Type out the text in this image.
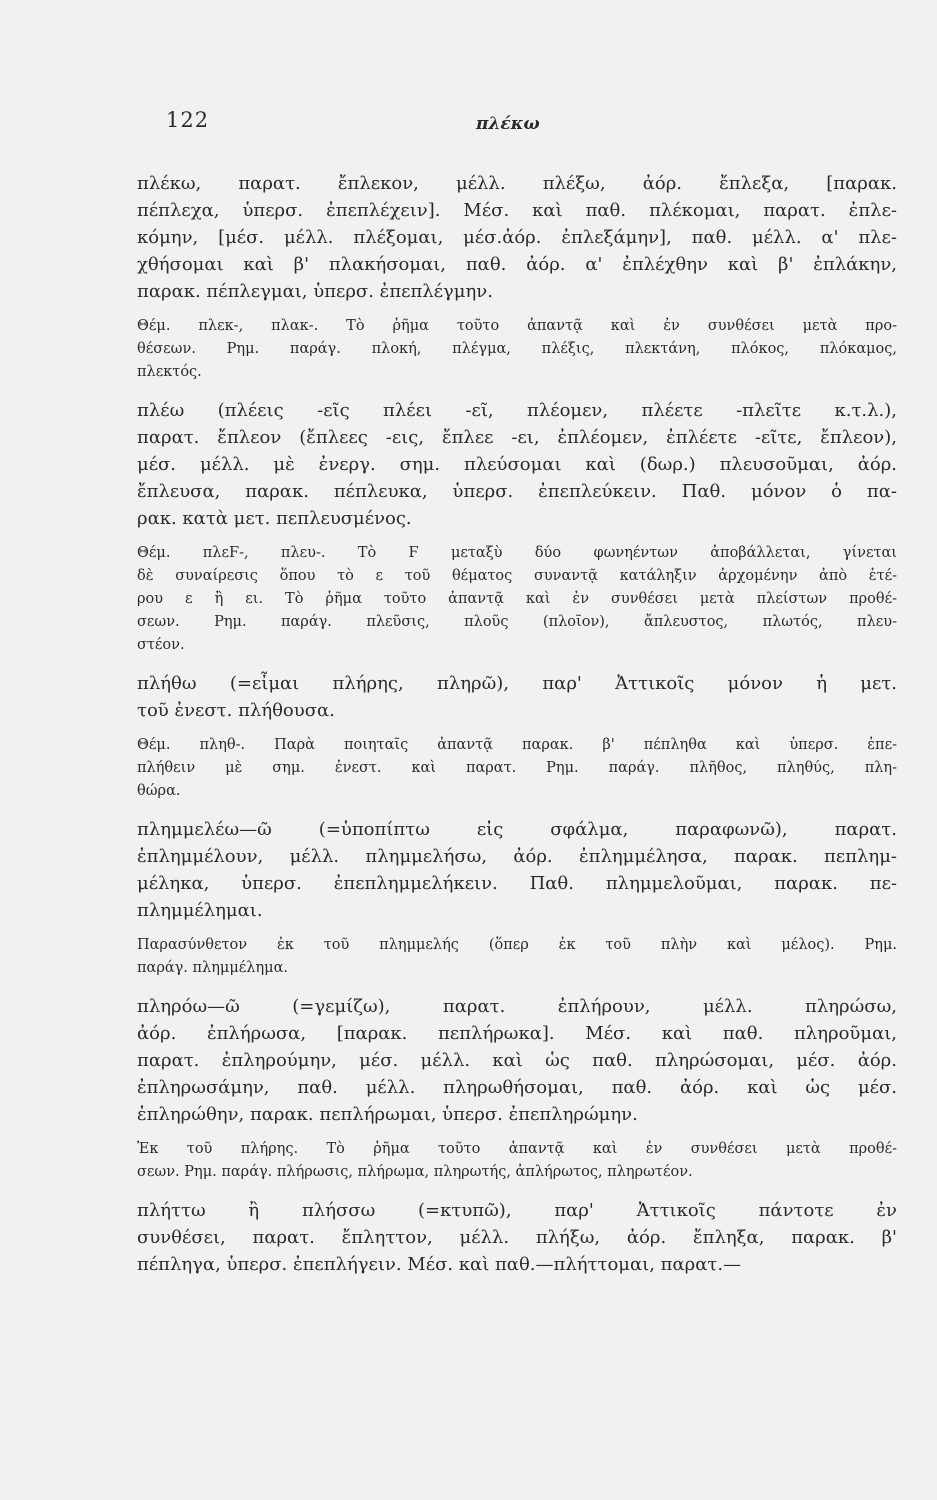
122	πλέκω
πλέκω, παρατ. ἔπλεκον, μέλλ. πλέξω, ἀόρ. ἔπλεξα, [παρακ.
πέπλεχα, ὑπερσ. ἐπεπλέχειν]. Μέσ. καὶ παθ. πλέκομαι, παρατ. ἐπλε-
κόμην, [μέσ. μέλλ. πλέξομαι, μέσ.ἀόρ. ἐπλεξάμην], παθ. μέλλ. α' πλε-
χθήσομαι καὶ β' πλακήσομαι, παθ. ἀόρ. α' ἐπλέχθην καὶ β' ἐπλάκην,
παρακ. πέπλεγμαι, ὑπερσ. ἐπεπλέγμην.
Θέμ. πλεκ-, πλακ-. Τὸ ῥῆμα τοῦτο ἀπαντᾷ καὶ ἐν συνθέσει μετὰ προ-
θέσεων. Ρημ. παράγ. πλοκή, πλέγμα, πλέξις, πλεκτάνη, πλόκος, πλόκαμος,
πλεκτός.
πλέω (πλέεις -εῖς πλέει -εῖ, πλέομεν, πλέετε -πλεῖτε κ.τ.λ.),
παρατ. ἔπλεον (ἔπλεες -εις, ἔπλεε -ει, ἐπλέομεν, ἐπλέετε -εῖτε, ἔπλεον),
μέσ. μέλλ. μὲ ἐνεργ. σημ. πλεύσομαι καὶ (δωρ.) πλευσοῦμαι, ἀόρ.
ἔπλευσα, παρακ. πέπλευκα, ὑπερσ. ἐπεπλεύκειν. Παθ. μόνον ὁ πα-
ρακ. κατὰ μετ. πεπλευσμένος.
Θέμ. πλεϜ-, πλευ-. Τὸ Ϝ μεταξὺ δύο φωνηέντων ἀποβάλλεται, γίνεται
δὲ συναίρεσις ὅπου τὸ ε τοῦ θέματος συναντᾷ κατάληξιν ἀρχομένην ἀπὸ ἑτέ-
ρου ε ἢ ει. Τὸ ῥῆμα τοῦτο ἀπαντᾷ καὶ ἐν συνθέσει μετὰ πλείστων προθέ-
σεων. Ρημ. παράγ. πλεῦσις, πλοῦς (πλοῖον), ἄπλευστος, πλωτός, πλευ-
στέον.
πλήθω (=εἶμαι πλήρης, πληρῶ), παρ' Ἀττικοῖς μόνον ἡ μετ.
τοῦ ἐνεστ. πλήθουσα.
Θέμ. πληθ-. Παρὰ ποιηταῖς ἀπαντᾷ παρακ. β' πέπληθα καὶ ὑπερσ. ἐπε-
πλήθειν μὲ σημ. ἐνεστ. καὶ παρατ. Ρημ. παράγ. πλῆθος, πληθύς, πλη-
θώρα.
πλημμελέω—ῶ (=ὑποπίπτω εἰς σφάλμα, παραφωνῶ), παρατ.
ἐπλημμέλουν, μέλλ. πλημμελήσω, ἀόρ. ἐπλημμέλησα, παρακ. πεπλημ-
μέληκα, ὑπερσ. ἐπεπλημμελήκειν. Παθ. πλημμελοῦμαι, παρακ. πε-
πλημμέλημαι.
Παρασύνθετον ἐκ τοῦ πλημμελής (ὅπερ ἐκ τοῦ πλὴν καὶ μέλος). Ρημ.
παράγ. πλημμέλημα.
πληρόω—ῶ (=γεμίζω), παρατ. ἐπλήρουν, μέλλ. πληρώσω,
ἀόρ. ἐπλήρωσα, [παρακ. πεπλήρωκα]. Μέσ. καὶ παθ. πληροῦμαι,
παρατ. ἐπληρούμην, μέσ. μέλλ. καὶ ὡς παθ. πληρώσομαι, μέσ. ἀόρ.
ἐπληρωσάμην, παθ. μέλλ. πληρωθήσομαι, παθ. ἀόρ. καὶ ὡς μέσ.
ἐπληρώθην, παρακ. πεπλήρωμαι, ὑπερσ. ἐπεπληρώμην.
Ἐκ τοῦ πλήρης. Τὸ ῥῆμα τοῦτο ἀπαντᾷ καὶ ἐν συνθέσει μετὰ προθέ-
σεων. Ρημ. παράγ. πλήρωσις, πλήρωμα, πληρωτής, ἀπλήρωτος, πληρωτέον.
πλήττω ἢ πλήσσω (=κτυπῶ), παρ' Ἀττικοῖς πάντοτε ἐν
συνθέσει, παρατ. ἔπληττον, μέλλ. πλήξω, ἀόρ. ἔπληξα, παρακ. β'
πέπληγα, ὑπερσ. ἐπεπλήγειν. Μέσ. καὶ παθ.—πλήττομαι, παρατ.—
